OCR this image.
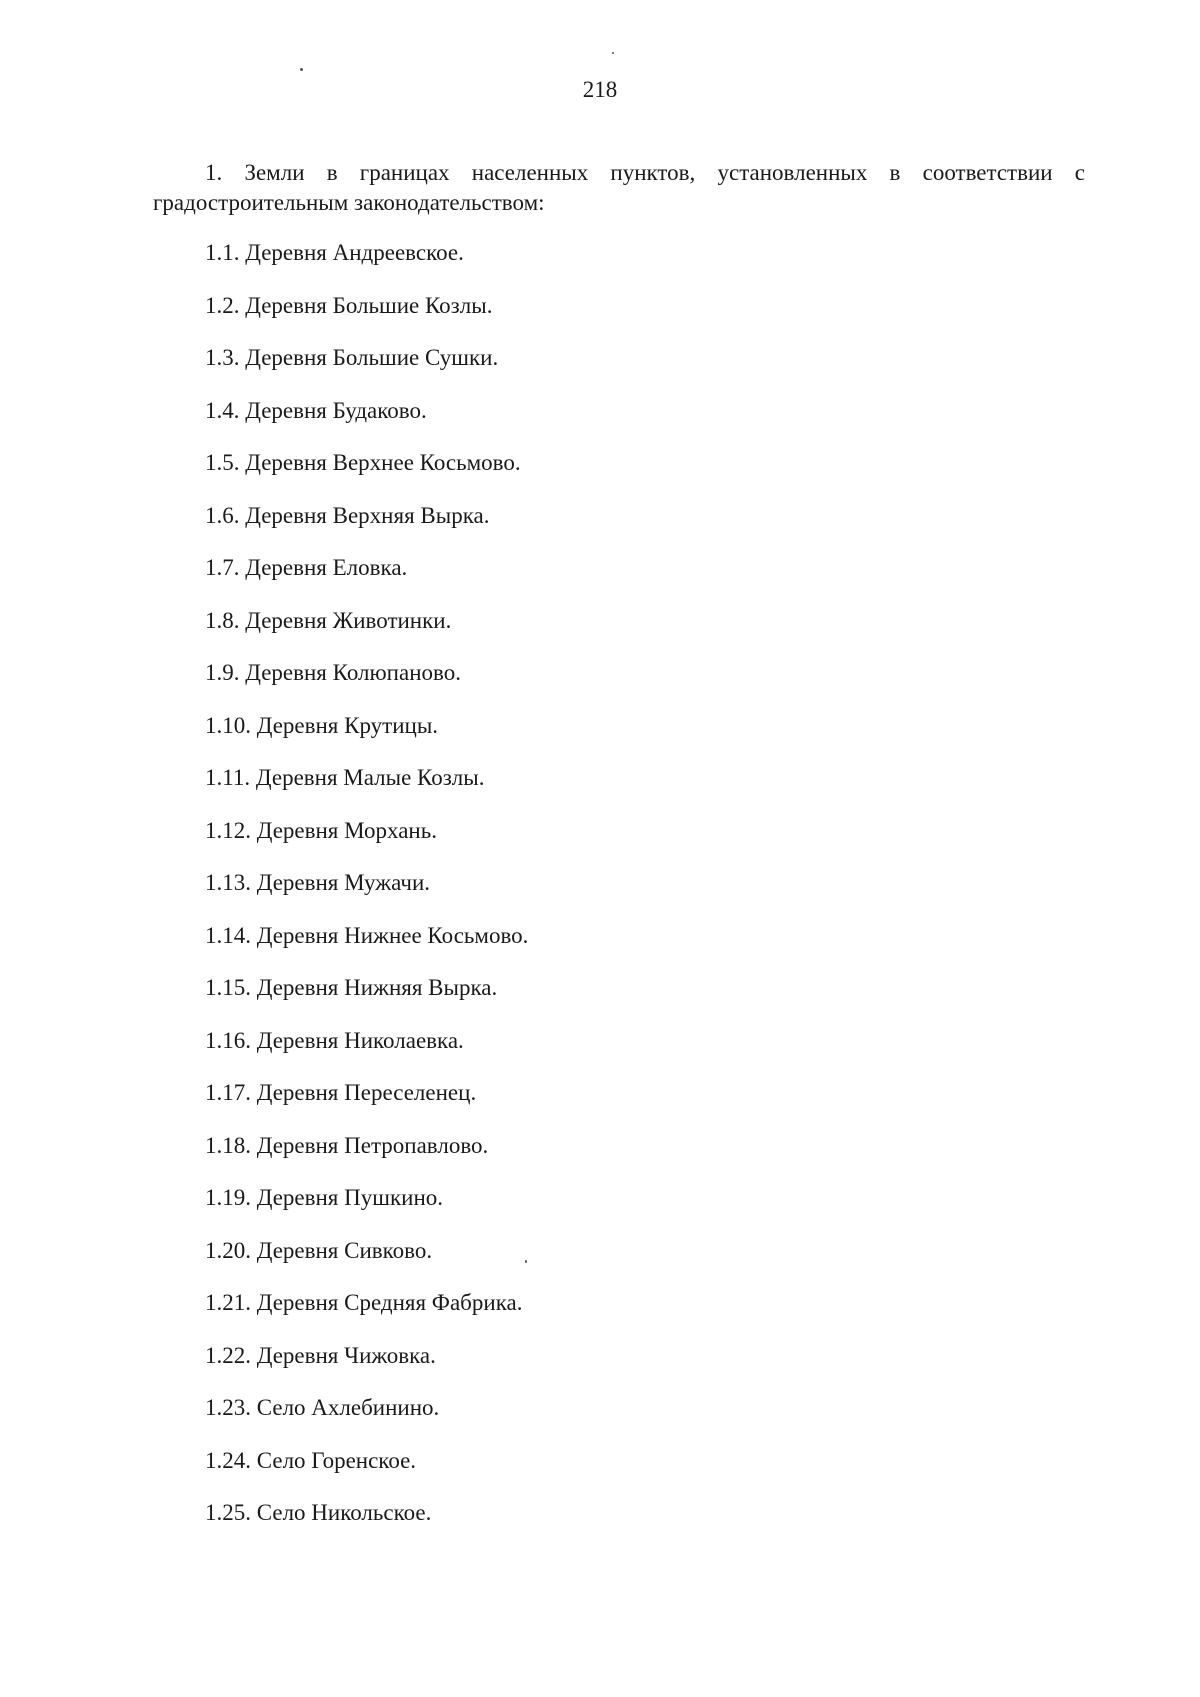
218

1. Земли в границах населенных пунктов, установленных в соответствии с градостроительным законодательством:

1.1. Деревня Андреевское.
1.2. Деревня Большие Козлы.
1.3. Деревня Большие Сушки.
1.4. Деревня Будаково.
1.5. Деревня Верхнее Косьмово.
1.6. Деревня Верхняя Вырка.
1.7. Деревня Еловка.
1.8. Деревня Животинки.
1.9. Деревня Колюпаново.
1.10. Деревня Крутицы.
1.11. Деревня Малые Козлы.
1.12. Деревня Морхань.
1.13. Деревня Мужачи.
1.14. Деревня Нижнее Косьмово.
1.15. Деревня Нижняя Вырка.
1.16. Деревня Николаевка.
1.17. Деревня Переселенец.
1.18. Деревня Петропавлово.
1.19. Деревня Пушкино.
1.20. Деревня Сивково.
1.21. Деревня Средняя Фабрика.
1.22. Деревня Чижовка.
1.23. Село Ахлебинино.
1.24. Село Горенское.
1.25. Село Никольское.
